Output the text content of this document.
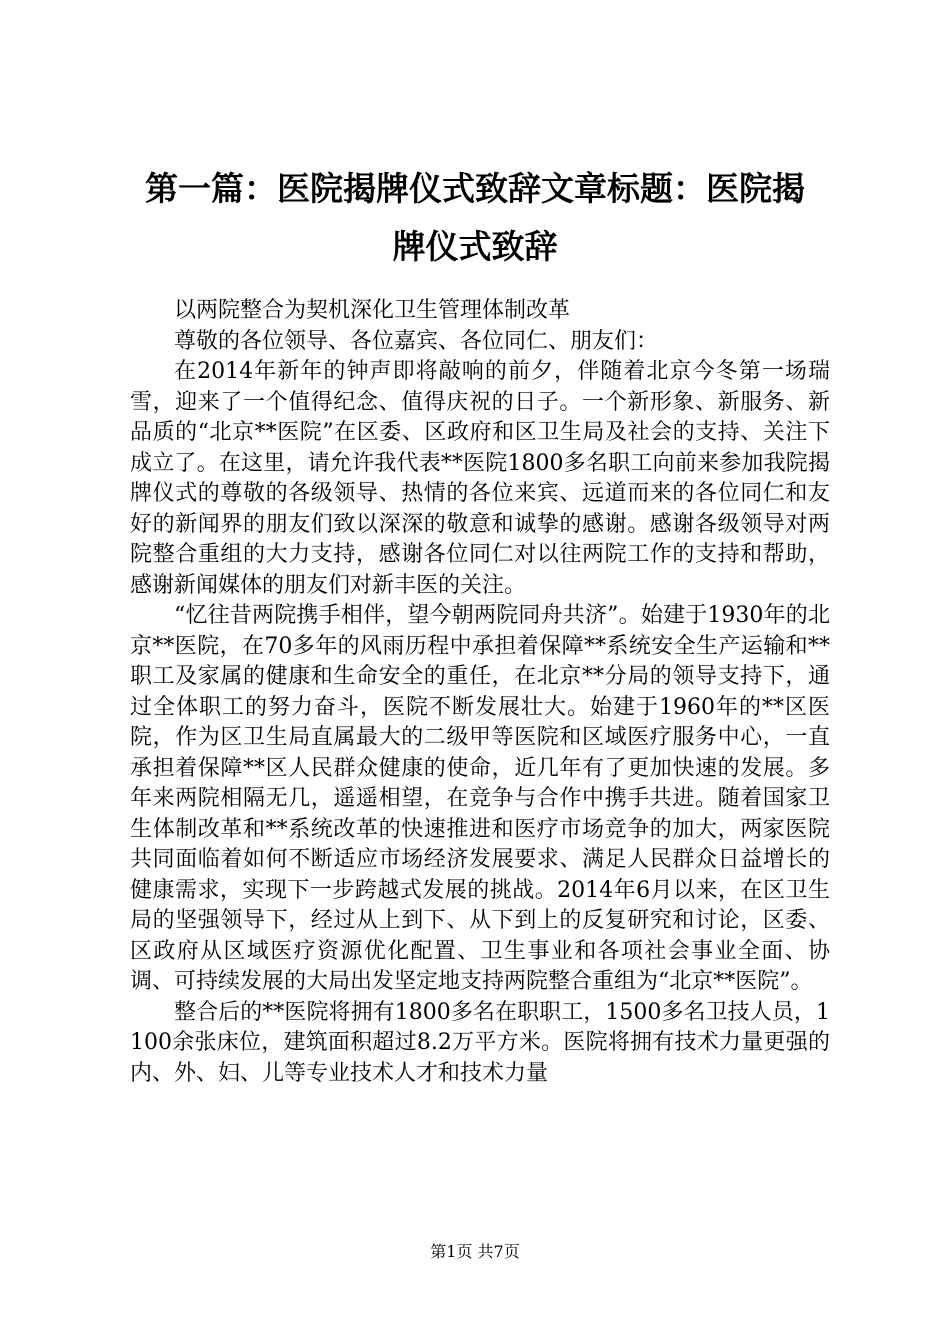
第一篇：医院揭牌仪式致辞文章标题：医院揭
牌仪式致辞

以两院整合为契机深化卫生管理体制改革

尊敬的各位领导、各位嘉宾、各位同仁、朋友们：

在2014年新年的钟声即将敲响的前夕，伴随着北京今冬第一场瑞雪，迎来了一个值得纪念、值得庆祝的日子。一个新形象、新服务、新品质的“北京**医院”在区委、区政府和区卫生局及社会的支持、关注下成立了。在这里，请允许我代表**医院1800多名职工向前来参加我院揭牌仪式的尊敬的各级领导、热情的各位来宾、远道而来的各位同仁和友好的新闻界的朋友们致以深深的敬意和诚挚的感谢。感谢各级领导对两院整合重组的大力支持，感谢各位同仁对以往两院工作的支持和帮助，感谢新闻媒体的朋友们对新丰医的关注。

“忆往昔两院携手相伴，望今朝两院同舟共济”。始建于1930年的北京**医院，在70多年的风雨历程中承担着保障**系统安全生产运输和**职工及家属的健康和生命安全的重任，在北京**分局的领导支持下，通过全体职工的努力奋斗，医院不断发展壮大。始建于1960年的**区医院，作为区卫生局直属最大的二级甲等医院和区域医疗服务中心，一直承担着保障**区人民群众健康的使命，近几年有了更加快速的发展。多年来两院相隔无几，遥遥相望，在竞争与合作中携手共进。随着国家卫生体制改革和**系统改革的快速推进和医疗市场竞争的加大，两家医院共同面临着如何不断适应市场经济发展要求、满足人民群众日益增长的健康需求，实现下一步跨越式发展的挑战。2014年6月以来，在区卫生局的坚强领导下，经过从上到下、从下到上的反复研究和讨论，区委、区政府从区域医疗资源优化配置、卫生事业和各项社会事业全面、协调、可持续发展的大局出发坚定地支持两院整合重组为“北京**医院”。

整合后的**医院将拥有1800多名在职职工，1500多名卫技人员，1100余张床位，建筑面积超过8.2万平方米。医院将拥有技术力量更强的内、外、妇、儿等专业技术人才和技术力量

第1页 共7页
